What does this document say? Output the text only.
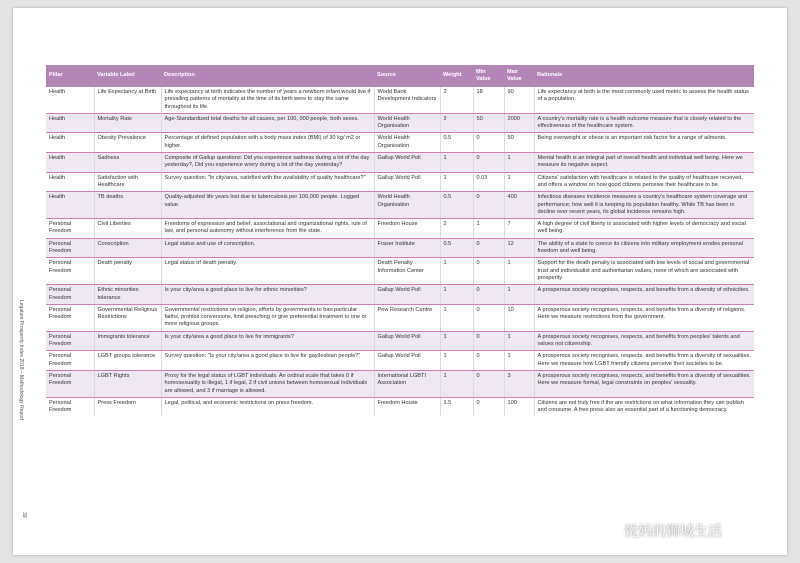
Legatum Prosperity Index 2018 – Methodology Report
39
Pillar	Variable Label	Description	Source	Weight	Min Value	Max Value	Rationale
Health	Life Expectancy at Birth	Life expectancy at birth indicates the number of years a newborn infant would live if prevailing patterns of mortality at the time of its birth were to stay the same throughout its life.	World Bank Development Indicators	2	18	90	Life expectancy at birth is the most commonly used metric to assess the health status of a population.
Health	Mortality Rate	Age-Standardized total deaths for all causes, per 100, 000 people, both sexes.	World Health Organisation	2	50	2000	A country's mortality rate is a health outcome measure that is closely related to the effectiveness of the healthcare system.
Health	Obesity Prevalence	Percentage of defined population with a body mass index (BMI) of 30 kg/ m2 or higher.	World Health Organisation	0.5	0	50	Being overweight or obese is an important risk factor for a range of ailments.
Health	Sadness	Composite of Gallup questions: Did you experience sadness during a lot of the day yesterday?, Did you experience worry during a lot of the day yesterday?	Gallup World Poll	1	0	1	Mental health is an integral part of overall health and individual well being. Here we measure its negative aspect.
Health	Satisfaction with Healthcare	Survey question: "In city/area, satisfied with the availability of quality healthcare?"	Gallup World Poll	1	0.03	1	Citizens' satisfaction with healthcare is related to the quality of healthcare received, and offers a window on how good citizens perceive their healthcare to be.
Health	TB deaths	Quality-adjusted life years lost due to tuberculosis per 100,000 people. Logged value.	World Health Organisation	0.5	0	400	Infectious diseases incidence measures a country's healthcare system coverage and performance; how well it is keeping its population healthy. While TB has been in decline over recent years, its global incidence remains high.
Personal Freedom	Civil Liberties	Freedoms of expression and belief, associational and organizational rights, rule of law, and personal autonomy without interference from the state.	Freedom House	2	1	7	A high degree of civil liberty is associated with higher levels of democracy and social well being.
Personal Freedom	Conscription	Legal status and use of conscription.	Fraser Institute	0.5	0	12	The ability of a state to coerce its citizens into military employment erodes personal freedom and well being.
Personal Freedom	Death penalty	Legal status of death penalty.	Death Penalty Information Center	1	0	1	Support for the death penalty is associated with low levels of social and governmental trust and individualist and authoritarian values, none of which are associated with prosperity.
Personal Freedom	Ethnic minorities tolerance	Is your city/area a good place to live for ethnic minorities?	Gallup World Poll	1	0	1	A prosperous society recognises, respects, and benefits from a diversity of ethnicities.
Personal Freedom	Governmental Religious Restrictions	Governmental restrictions on religion, efforts by governments to ban particular faiths, prohibit conversions, limit preaching or give preferential treatment to one or more religious groups.	Pew Research Centre	1	0	10	A prosperous society recognises, respects, and benefits from a diversity of religions. Here we measure restrictions from the government.
Personal Freedom	Immigrants tolerance	Is your city/area a good place to live for immigrants?	Gallup World Poll	1	0	1	A prosperous society recognises, respects, and benefits from peoples' talents and values not citizenship.
Personal Freedom	LGBT groups tolerance	Survey question: "Is your city/area a good place to live for gay/lesbian people?"	Gallup World Poll	1	0	1	A prosperous society recognises, respects, and benefits from a diversity of sexualities. Here we measure how LGBT friendly citizens perceive their societies to be.
Personal Freedom	LGBT Rights	Proxy for the legal status of LGBT individuals. An ordinal scale that takes 0 if homosexuality is illegal, 1 if legal, 2 if civil unions between homosexual individuals are allowed, and 3 if marriage is allowed.	International LGBTI Association	1	0	3	A prosperous society recognises, respects, and benefits from a diversity of sexualities. Here we measure formal, legal constraints on peoples' sexuality.
Personal Freedom	Press Freedom	Legal, political, and economic restrictions on press freedom.	Freedom House	1.5	0	100	Citizens are not truly free if the are restrictions on what information they can publish and consume. A free press also an essential part of a functioning democracy.
悦妈的狮城生活
